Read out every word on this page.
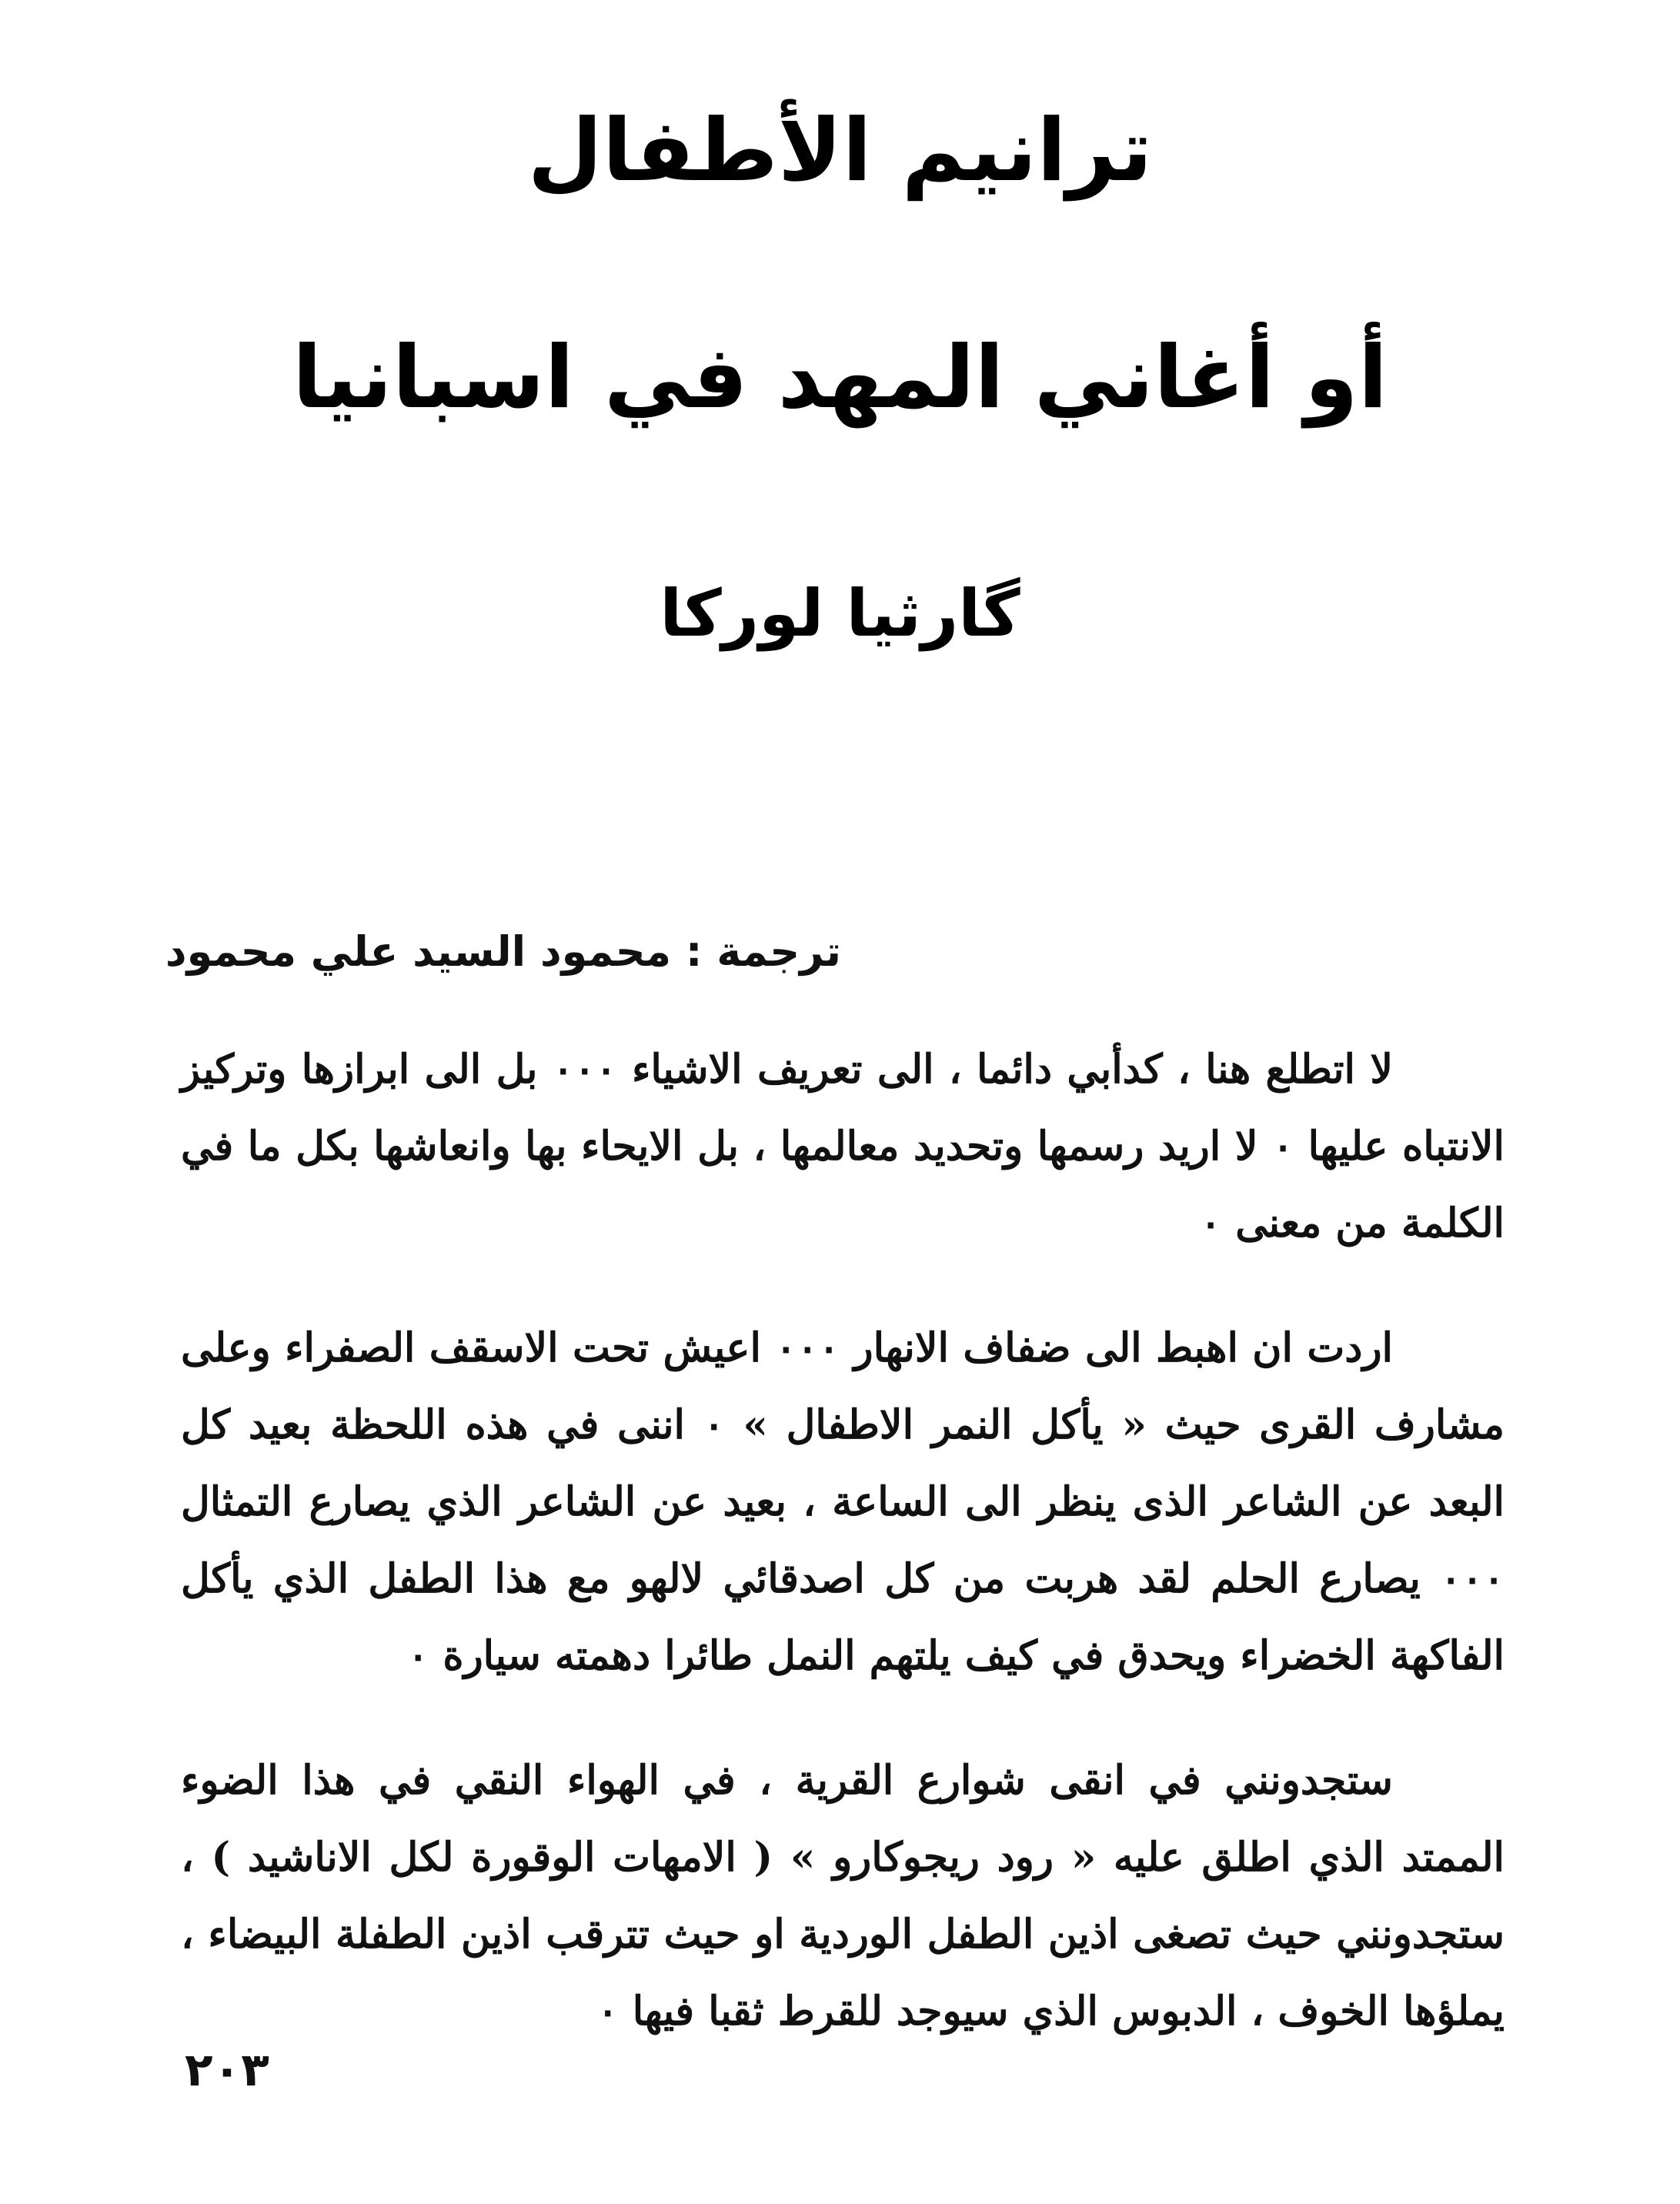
ترانيم الأطفال
أو أغاني المهد في اسبانيا
گارثيا لوركا
ترجمة : محمود السيد علي محمود

لا اتطلع هنا ، كدأبي دائما ، الى تعريف الاشياء ۰۰۰ بل الى ابرازها وتركيز الانتباه عليها ۰ لا اريد رسمها وتحديد معالمها ، بل الايحاء بها وانعاشها بكل ما في الكلمة من معنى ۰

اردت ان اهبط الى ضفاف الانهار ۰۰۰ اعيش تحت الاسقف الصفراء وعلى مشارف القرى حيث « يأكل النمر الاطفال » ۰ اننى في هذه اللحظة بعيد كل البعد عن الشاعر الذى ينظر الى الساعة ، بعيد عن الشاعر الذي يصارع التمثال ۰۰۰ يصارع الحلم لقد هربت من كل اصدقائي لالهو مع هذا الطفل الذي يأكل الفاكهة الخضراء ويحدق في كيف يلتهم النمل طائرا دهمته سيارة ۰

ستجدونني في انقى شوارع القرية ، في الهواء النقي في هذا الضوء الممتد الذي اطلق عليه « رود ريجوكارو » ( الامهات الوقورة لكل الاناشيد ) ، ستجدونني حيث تصغى اذين الطفل الوردية او حيث تترقب اذين الطفلة البيضاء ، يملؤها الخوف ، الدبوس الذي سيوجد للقرط ثقبا فيها ۰

٢٠٣
